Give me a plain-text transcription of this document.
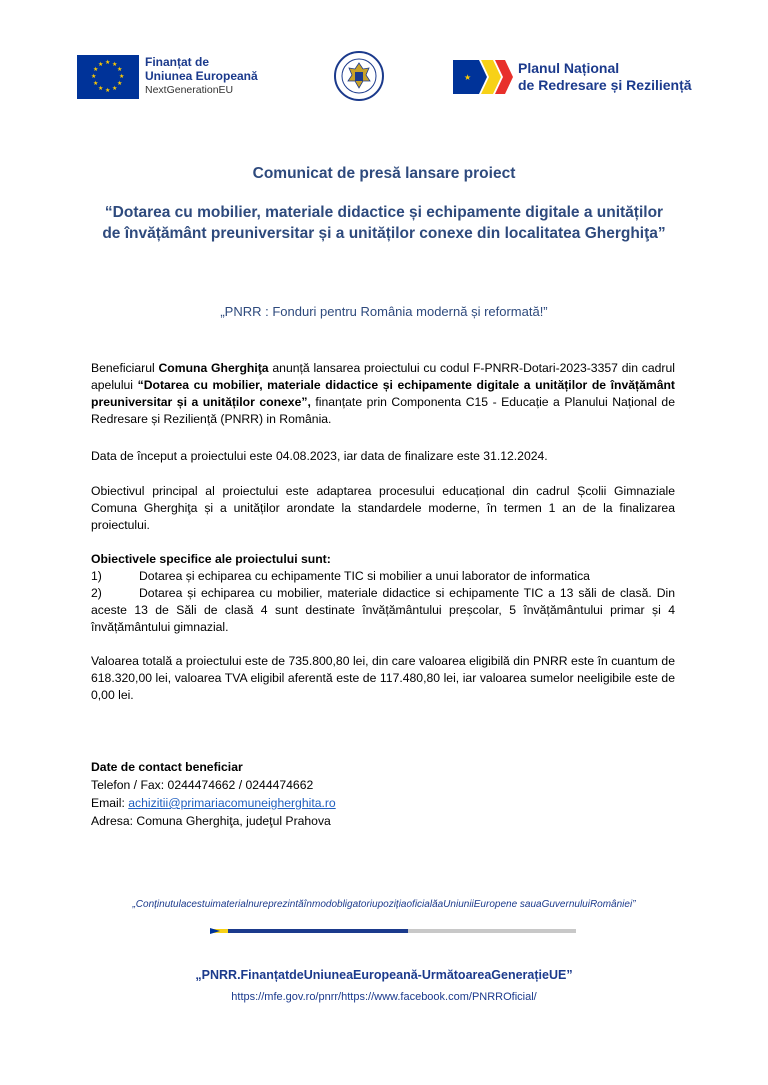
★ ★
★
★
★
★
★
★
★
★
★
★	Finanțat de
Uniunea Europeană
NextGenerationEU
★
Planul Național
de Redresare și Reziliență
Comunicat de presă lansare proiect
“Dotarea cu mobilier, materiale didactice și echipamente digitale a unităților de învățământ preuniversitar și a unităților conexe din localitatea Gherghiţa”
„PNRR : Fonduri pentru România modernă și reformată!”
Beneficiarul Comuna Gherghiţa anunță lansarea proiectului cu codul F-PNRR-Dotari-2023-3357 din cadrul apelului “Dotarea cu mobilier, materiale didactice și echipamente digitale a unităților de învățământ preuniversitar și a unităților conexe”, finanțate prin Componenta C15 - Educație a Planului Național de Redresare și Reziliență (PNRR) in România.
Data de început a proiectului este 04.08.2023, iar data de finalizare este 31.12.2024.
Obiectivul principal al proiectului este adaptarea procesului educațional din cadrul Școlii Gimnaziale Comuna Gherghiţa și a unităților arondate la standardele moderne, în termen 1 an de la finalizarea proiectului.
Obiectivele specifice ale proiectului sunt:
1)	Dotarea și echiparea cu echipamente TIC si mobilier a unui laborator de informatica
2)	Dotarea și echiparea cu mobilier, materiale didactice si echipamente TIC a 13 săli de clasă. Din aceste 13 de Săli de clasă 4 sunt destinate învățământului preșcolar, 5 învățământului primar și 4 învățământului gimnazial.
Valoarea totală a proiectului este de 735.800,80 lei, din care valoarea eligibilă din PNRR este în cuantum de 618.320,00 lei, valoarea TVA eligibil aferentă este de 117.480,80 lei, iar valoarea sumelor neeligibile este de 0,00 lei.
Date de contact beneficiar
Telefon / Fax: 0244474662 / 0244474662
Email: achizitii@primariacomuneigherghita.ro
Adresa: Comuna Gherghiţa, judeţul Prahova
„ConținutulacestuimaterialnureprezintăînmodobligatoriupozițiaoficialăaUniuniiEuropene sauaGuvernuluiRomâniei”
„PNRR.FinanțatdeUniuneaEuropeană-UrmătoareaGenerațieUE”
https://mfe.gov.ro/pnrr/https://www.facebook.com/PNRROficial/
